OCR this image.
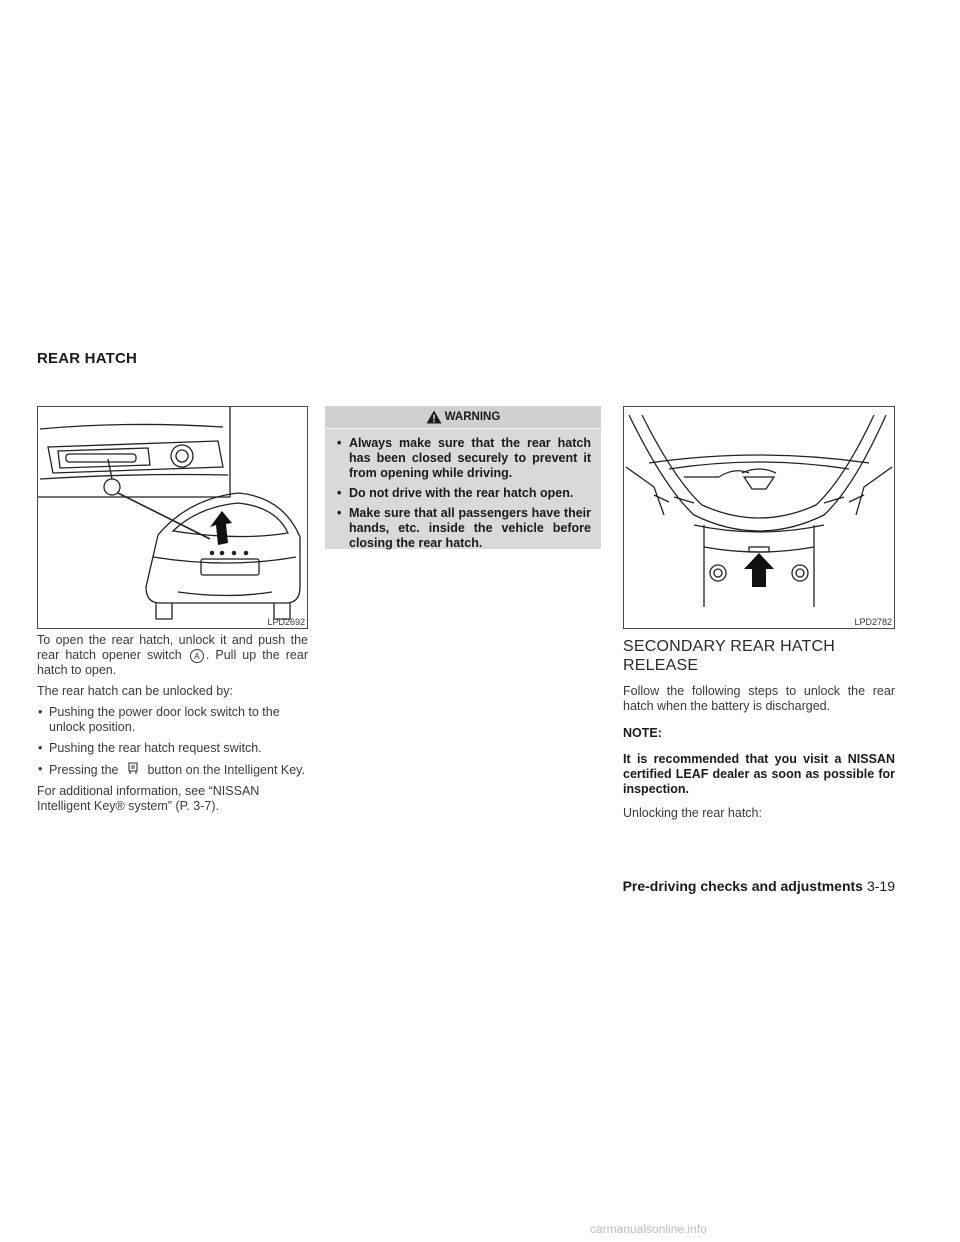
REAR HATCH
LPD2692

To open the rear hatch, unlock it and push the rear hatch opener switch A . Pull up the rear hatch to open.

The rear hatch can be unlocked by:

• Pushing the power door lock switch to the unlock position.
• Pushing the rear hatch request switch.
• Pressing the button on the Intelligent Key.

For additional information, see “NISSAN Intelligent Key® system” (P. 3-7).

WARNING
• Always make sure that the rear hatch has been closed securely to prevent it from opening while driving.
• Do not drive with the rear hatch open.
• Make sure that all passengers have their hands, etc. inside the vehicle before closing the rear hatch.
LPD2782
SECONDARY REAR HATCH RELEASE
Follow the following steps to unlock the rear hatch when the battery is discharged.
NOTE:
It is recommended that you visit a NISSAN certified LEAF dealer as soon as possible for inspection.
Unlocking the rear hatch:
Pre-driving checks and adjustments 3-19
carmanualsonline.info
